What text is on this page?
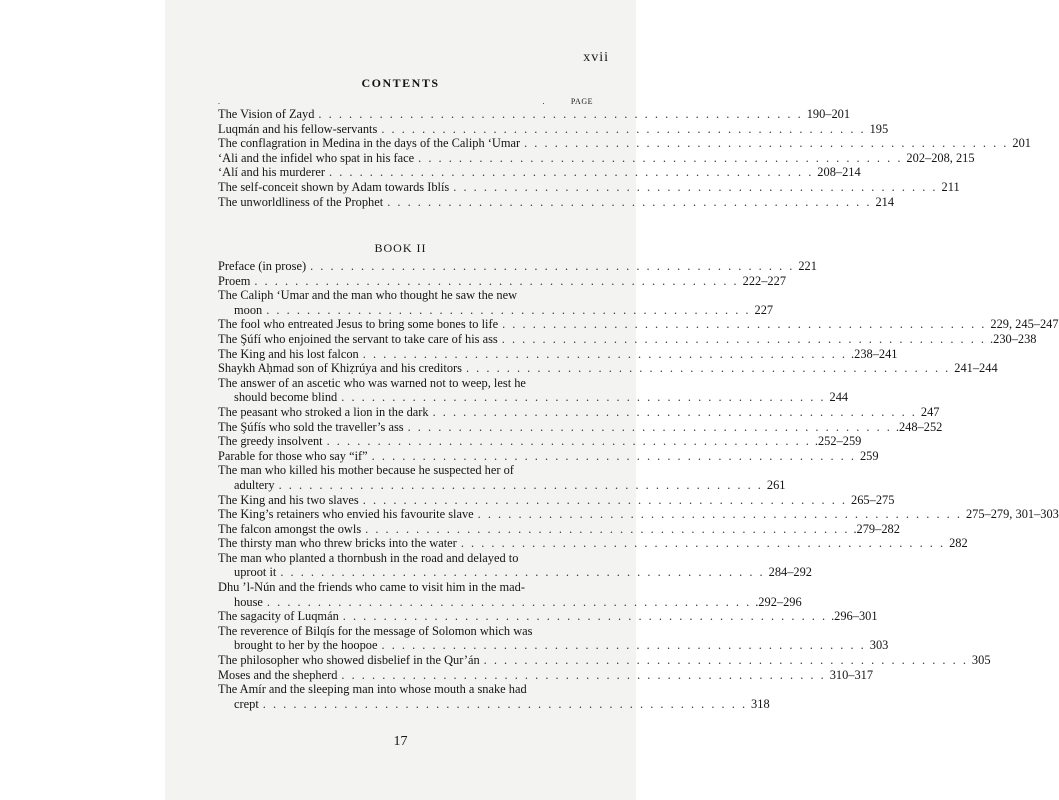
xvii
CONTENTS
.	.	PAGE
The Vision of Zayd . . . . . . . . . . . . . . . . . . . . . . . . . . . . . . . . . . . . . . . . . . . . . . . . 190–201
Luqmán and his fellow-servants . . . . . . . . . . . . . . . . . . . . . . . . . . . . . . . . . . . . . . . . . . . . . . . . 195
The conflagration in Medina in the days of the Caliph ‘Umar . . . . . . . . . . . . . . . . . . . . . . . . . . . . . . . . . . . . . . . . . . . . . . . . 201
‘Ali and the infidel who spat in his face . . . . . . . . . . . . . . . . . . . . . . . . . . . . . . . . . . . . . . . . . . . . . . . . 202–208, 215
‘Alí and his murderer . . . . . . . . . . . . . . . . . . . . . . . . . . . . . . . . . . . . . . . . . . . . . . . . 208–214
The self-conceit shown by Adam towards Iblís . . . . . . . . . . . . . . . . . . . . . . . . . . . . . . . . . . . . . . . . . . . . . . . . 211
The unworldliness of the Prophet . . . . . . . . . . . . . . . . . . . . . . . . . . . . . . . . . . . . . . . . . . . . . . . . 214
BOOK II
Preface (in prose) . . . . . . . . . . . . . . . . . . . . . . . . . . . . . . . . . . . . . . . . . . . . . . . . 221
Proem . . . . . . . . . . . . . . . . . . . . . . . . . . . . . . . . . . . . . . . . . . . . . . . . 222–227
The Caliph ‘Umar and the man who thought he saw the new
moon . . . . . . . . . . . . . . . . . . . . . . . . . . . . . . . . . . . . . . . . . . . . . . . . 227
The fool who entreated Jesus to bring some bones to life . . . . . . . . . . . . . . . . . . . . . . . . . . . . . . . . . . . . . . . . . . . . . . . . 229, 245–247
The Şúfí who enjoined the servant to take care of his ass . . . . . . . . . . . . . . . . . . . . . . . . . . . . . . . . . . . . . . . . . . . . . . . . .230–238
The King and his lost falcon . . . . . . . . . . . . . . . . . . . . . . . . . . . . . . . . . . . . . . . . . . . . . . . . .238–241
Shaykh Aḥmad son of Khiẓrúya and his creditors . . . . . . . . . . . . . . . . . . . . . . . . . . . . . . . . . . . . . . . . . . . . . . . . 241–244
The answer of an ascetic who was warned not to weep, lest he
should become blind . . . . . . . . . . . . . . . . . . . . . . . . . . . . . . . . . . . . . . . . . . . . . . . . 244
The peasant who stroked a lion in the dark . . . . . . . . . . . . . . . . . . . . . . . . . . . . . . . . . . . . . . . . . . . . . . . . 247
The Şúfís who sold the traveller’s ass . . . . . . . . . . . . . . . . . . . . . . . . . . . . . . . . . . . . . . . . . . . . . . . . .248–252
The greedy insolvent . . . . . . . . . . . . . . . . . . . . . . . . . . . . . . . . . . . . . . . . . . . . . . . . .252–259
Parable for those who say “if” . . . . . . . . . . . . . . . . . . . . . . . . . . . . . . . . . . . . . . . . . . . . . . . . 259
The man who killed his mother because he suspected her of
adultery . . . . . . . . . . . . . . . . . . . . . . . . . . . . . . . . . . . . . . . . . . . . . . . . 261
The King and his two slaves . . . . . . . . . . . . . . . . . . . . . . . . . . . . . . . . . . . . . . . . . . . . . . . . 265–275
The King’s retainers who envied his favourite slave . . . . . . . . . . . . . . . . . . . . . . . . . . . . . . . . . . . . . . . . . . . . . . . . 275–279, 301–303
The falcon amongst the owls . . . . . . . . . . . . . . . . . . . . . . . . . . . . . . . . . . . . . . . . . . . . . . . . .279–282
The thirsty man who threw bricks into the water . . . . . . . . . . . . . . . . . . . . . . . . . . . . . . . . . . . . . . . . . . . . . . . . 282
The man who planted a thornbush in the road and delayed to
uproot it . . . . . . . . . . . . . . . . . . . . . . . . . . . . . . . . . . . . . . . . . . . . . . . . 284–292
Dhu ’l-Nún and the friends who came to visit him in the mad-
house . . . . . . . . . . . . . . . . . . . . . . . . . . . . . . . . . . . . . . . . . . . . . . . . .292–296
The sagacity of Luqmán . . . . . . . . . . . . . . . . . . . . . . . . . . . . . . . . . . . . . . . . . . . . . . . . .296–301
The reverence of Bilqís for the message of Solomon which was
brought to her by the hoopoe . . . . . . . . . . . . . . . . . . . . . . . . . . . . . . . . . . . . . . . . . . . . . . . . 303
The philosopher who showed disbelief in the Qur’án . . . . . . . . . . . . . . . . . . . . . . . . . . . . . . . . . . . . . . . . . . . . . . . . 305
Moses and the shepherd . . . . . . . . . . . . . . . . . . . . . . . . . . . . . . . . . . . . . . . . . . . . . . . . 310–317
The Amír and the sleeping man into whose mouth a snake had
crept . . . . . . . . . . . . . . . . . . . . . . . . . . . . . . . . . . . . . . . . . . . . . . . . 318
17
